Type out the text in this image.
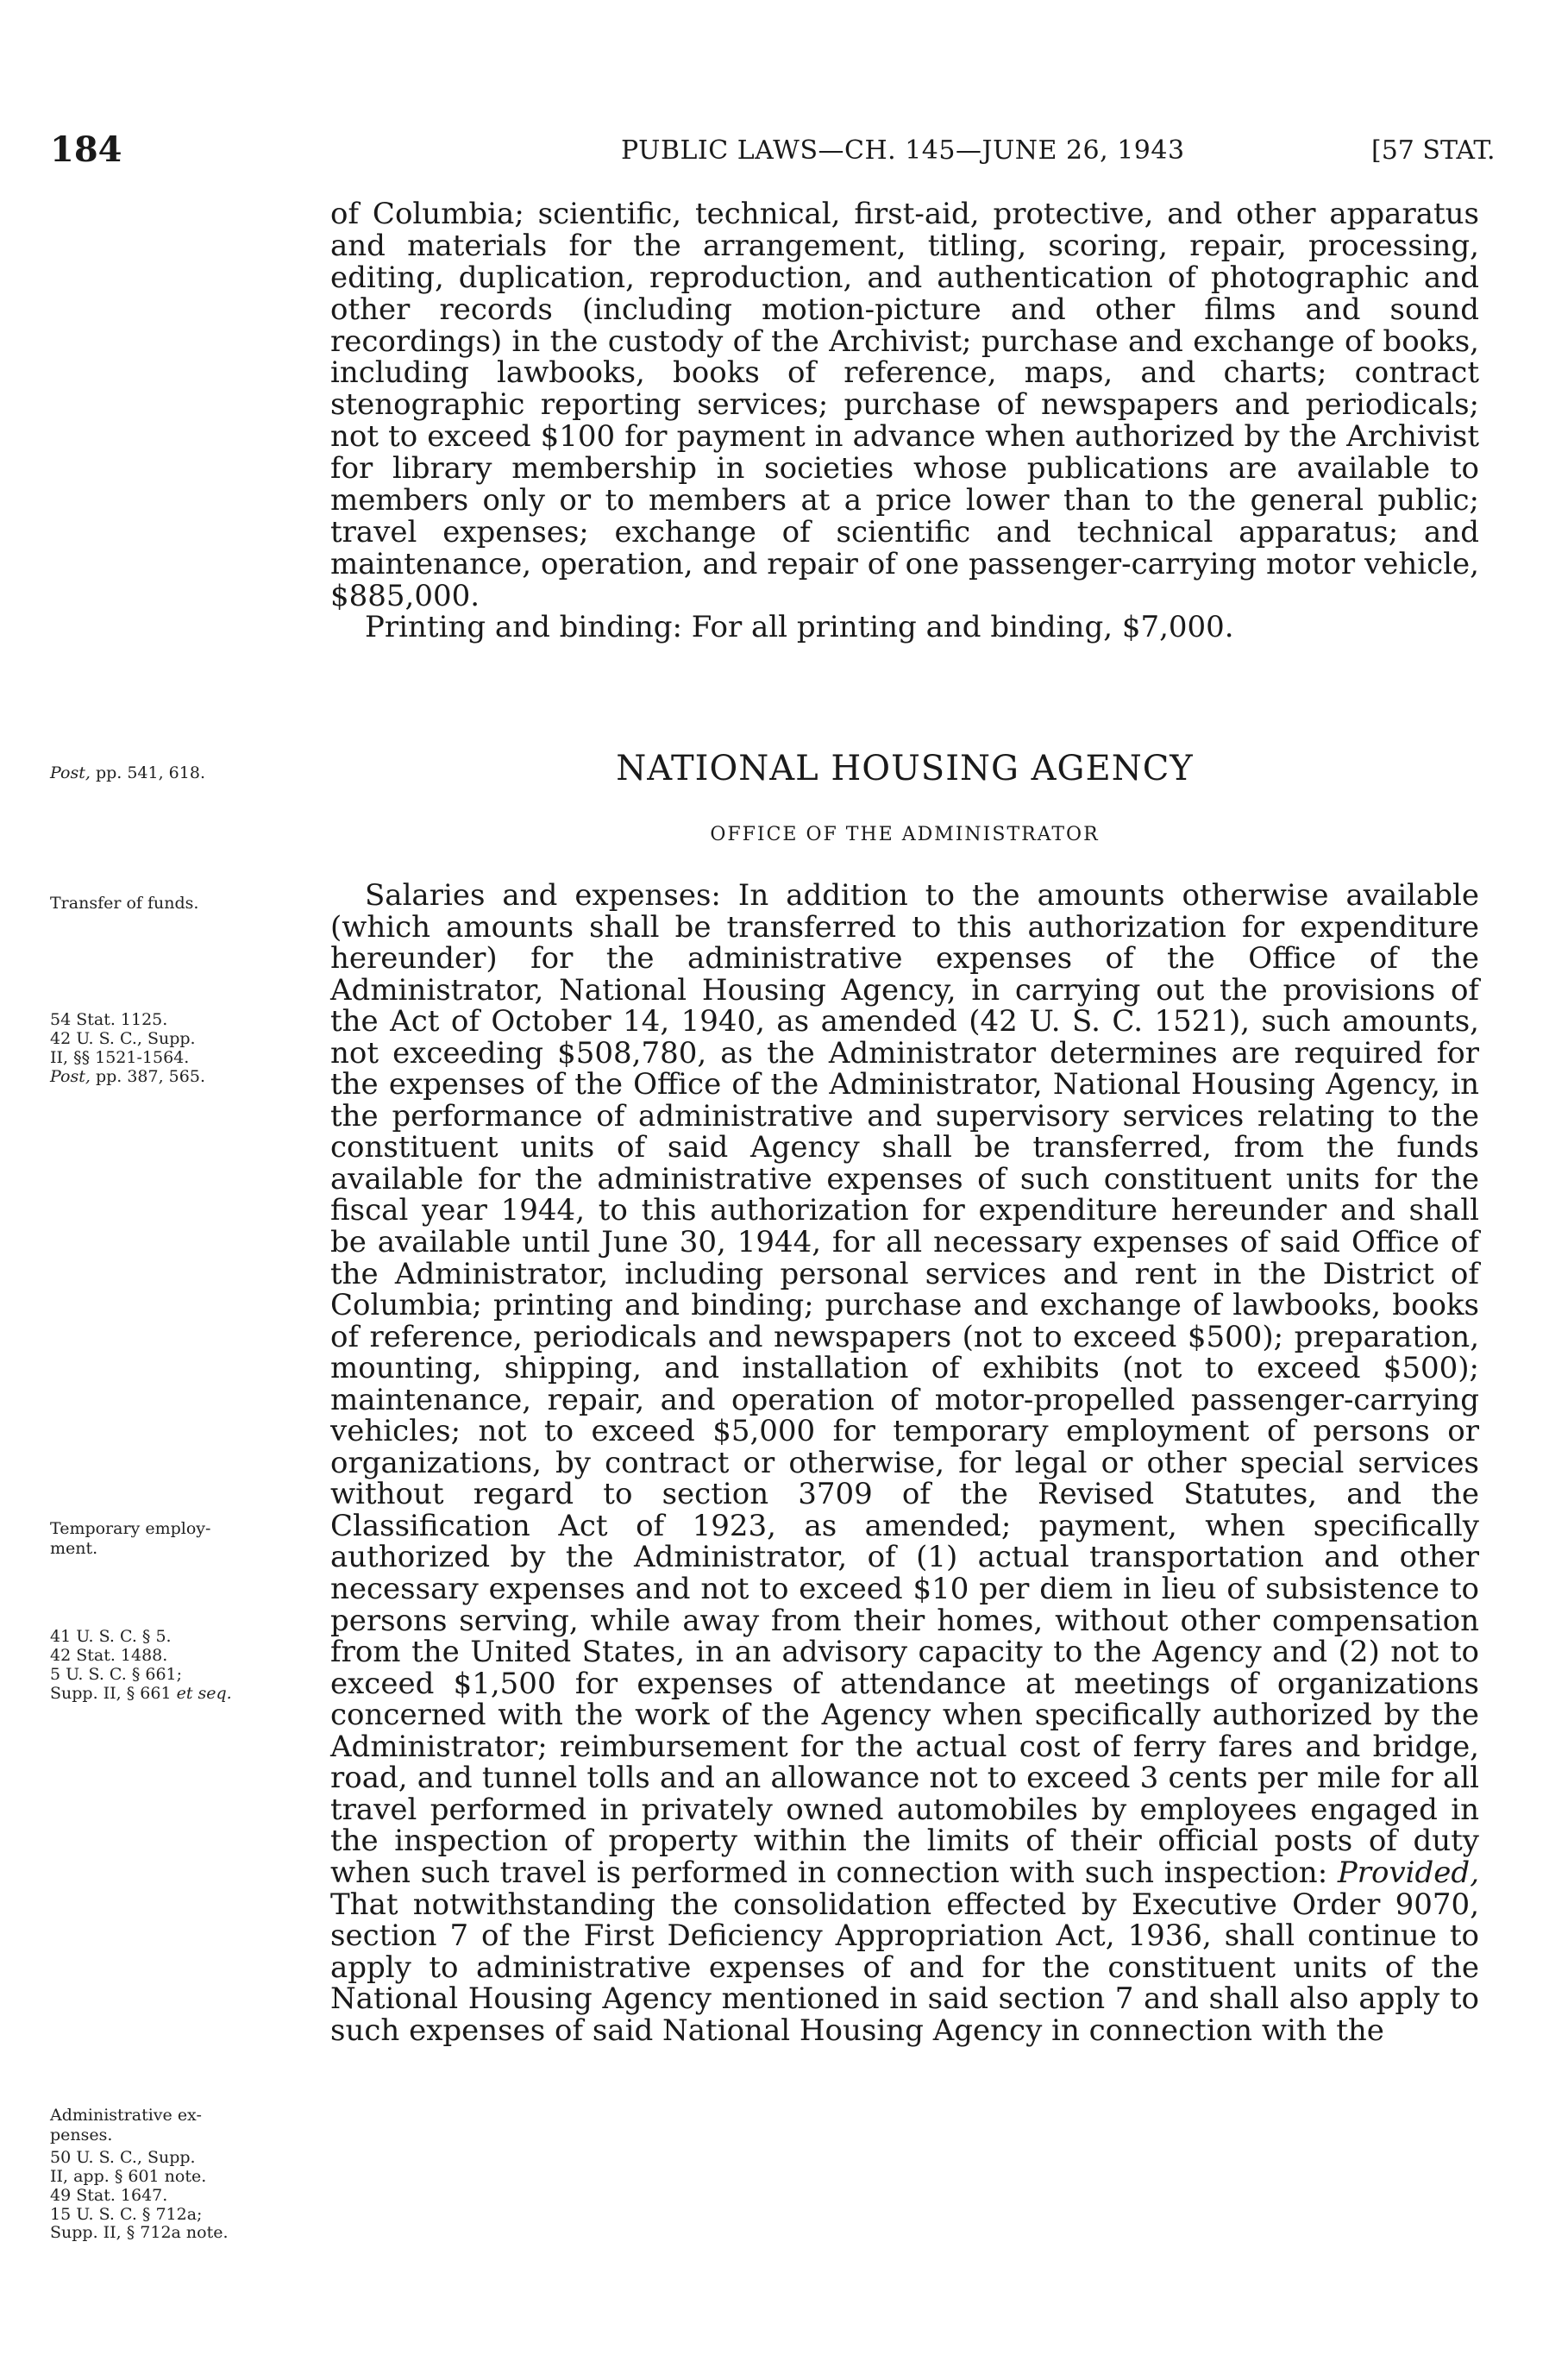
184	PUBLIC LAWS—CH. 145—JUNE 26, 1943	[57 STAT.

of Columbia; scientific, technical, first-aid, protective, and other apparatus and materials for the arrangement, titling, scoring, repair, processing, editing, duplication, reproduction, and authentication of photographic and other records (including motion-picture and other films and sound recordings) in the custody of the Archivist; purchase and exchange of books, including lawbooks, books of reference, maps, and charts; contract stenographic reporting services; purchase of newspapers and periodicals; not to exceed $100 for payment in advance when authorized by the Archivist for library membership in societies whose publications are available to members only or to members at a price lower than to the general public; travel expenses; exchange of scientific and technical apparatus; and maintenance, operation, and repair of one passenger-carrying motor vehicle, $885,000.

Printing and binding: For all printing and binding, $7,000.

Post, pp. 541, 618.	NATIONAL HOUSING AGENCY
OFFICE OF THE ADMINISTRATOR

Salaries and expenses: In addition to the amounts otherwise available (which amounts shall be transferred to this authorization for expenditure hereunder) for the administrative expenses of the Office of the Administrator, National Housing Agency, in carrying out the provisions of the Act of October 14, 1940, as amended (42 U. S. C. 1521), such amounts, not exceeding $508,780, as the Administrator determines are required for the expenses of the Office of the Administrator, National Housing Agency, in the performance of administrative and supervisory services relating to the constituent units of said Agency shall be transferred, from the funds available for the administrative expenses of such constituent units for the fiscal year 1944, to this authorization for expenditure hereunder and shall be available until June 30, 1944, for all necessary expenses of said Office of the Administrator, including personal services and rent in the District of Columbia; printing and binding; purchase and exchange of lawbooks, books of reference, periodicals and newspapers (not to exceed $500); preparation, mounting, shipping, and installation of exhibits (not to exceed $500); maintenance, repair, and operation of motor-propelled passenger-carrying vehicles; not to exceed $5,000 for temporary employment of persons or organizations, by contract or otherwise, for legal or other special services without regard to section 3709 of the Revised Statutes, and the Classification Act of 1923, as amended; payment, when specifically authorized by the Administrator, of (1) actual transportation and other necessary expenses and not to exceed $10 per diem in lieu of subsistence to persons serving, while away from their homes, without other compensation from the United States, in an advisory capacity to the Agency and (2) not to exceed $1,500 for expenses of attendance at meetings of organizations concerned with the work of the Agency when specifically authorized by the Administrator; reimbursement for the actual cost of ferry fares and bridge, road, and tunnel tolls and an allowance not to exceed 3 cents per mile for all travel performed in privately owned automobiles by employees engaged in the inspection of property within the limits of their official posts of duty when such travel is performed in connection with such inspection: Provided, That notwithstanding the consolidation effected by Executive Order 9070, section 7 of the First Deficiency Appropriation Act, 1936, shall continue to apply to administrative expenses of and for the constituent units of the National Housing Agency mentioned in said section 7 and shall also apply to such expenses of said National Housing Agency in connection with the

Transfer of funds.
54 Stat. 1125.
42 U. S. C., Supp.
II, §§ 1521-1564.
Post, pp. 387, 565.
Temporary employ-
ment.
41 U. S. C. § 5.
42 Stat. 1488.
5 U. S. C. § 661;
Supp. II, § 661 et seq.
Administrative ex-
penses.
50 U. S. C., Supp.
II, app. § 601 note.
49 Stat. 1647.
15 U. S. C. § 712a;
Supp. II, § 712a note.
